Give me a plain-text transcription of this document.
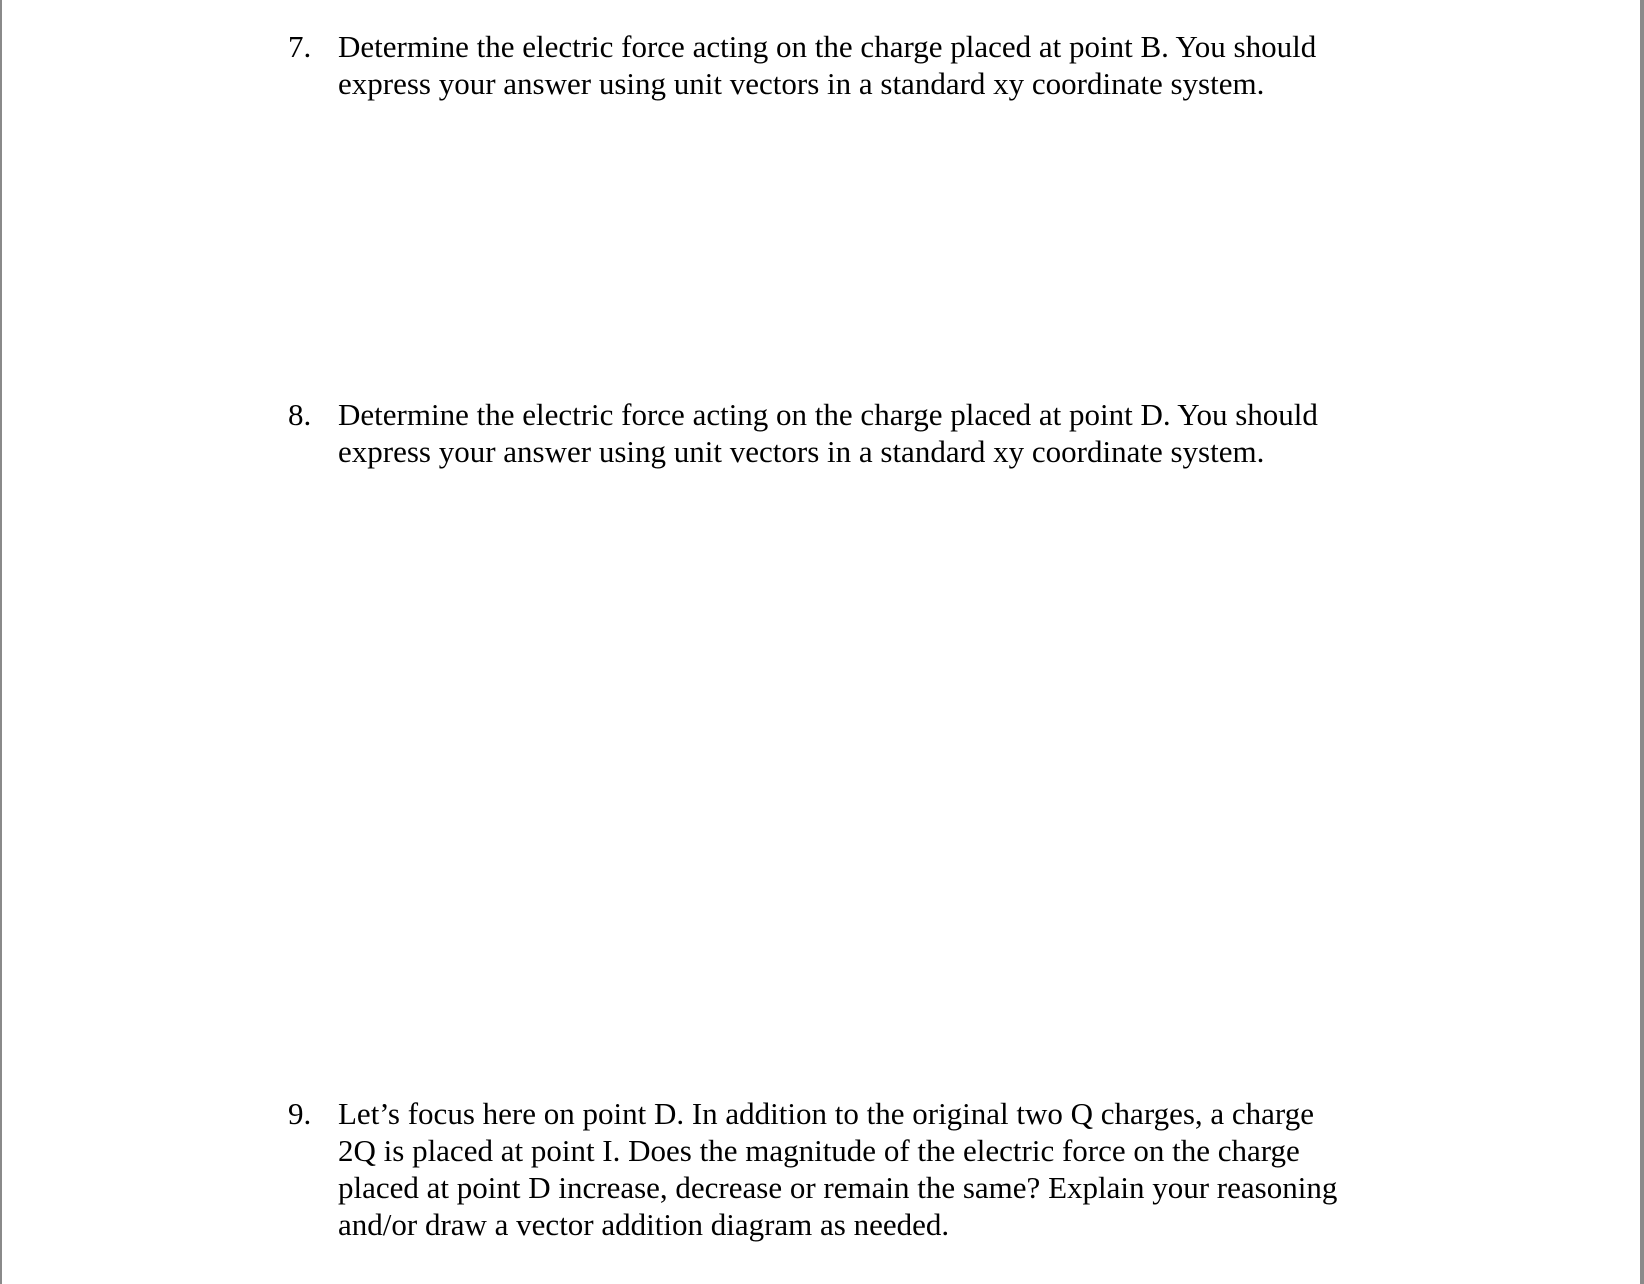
7. Determine the electric force acting on the charge placed at point B. You should
express your answer using unit vectors in a standard xy coordinate system.
8. Determine the electric force acting on the charge placed at point D. You should
express your answer using unit vectors in a standard xy coordinate system.
9. Let’s focus here on point D. In addition to the original two Q charges, a charge
2Q is placed at point I. Does the magnitude of the electric force on the charge
placed at point D increase, decrease or remain the same? Explain your reasoning
and/or draw a vector addition diagram as needed.
